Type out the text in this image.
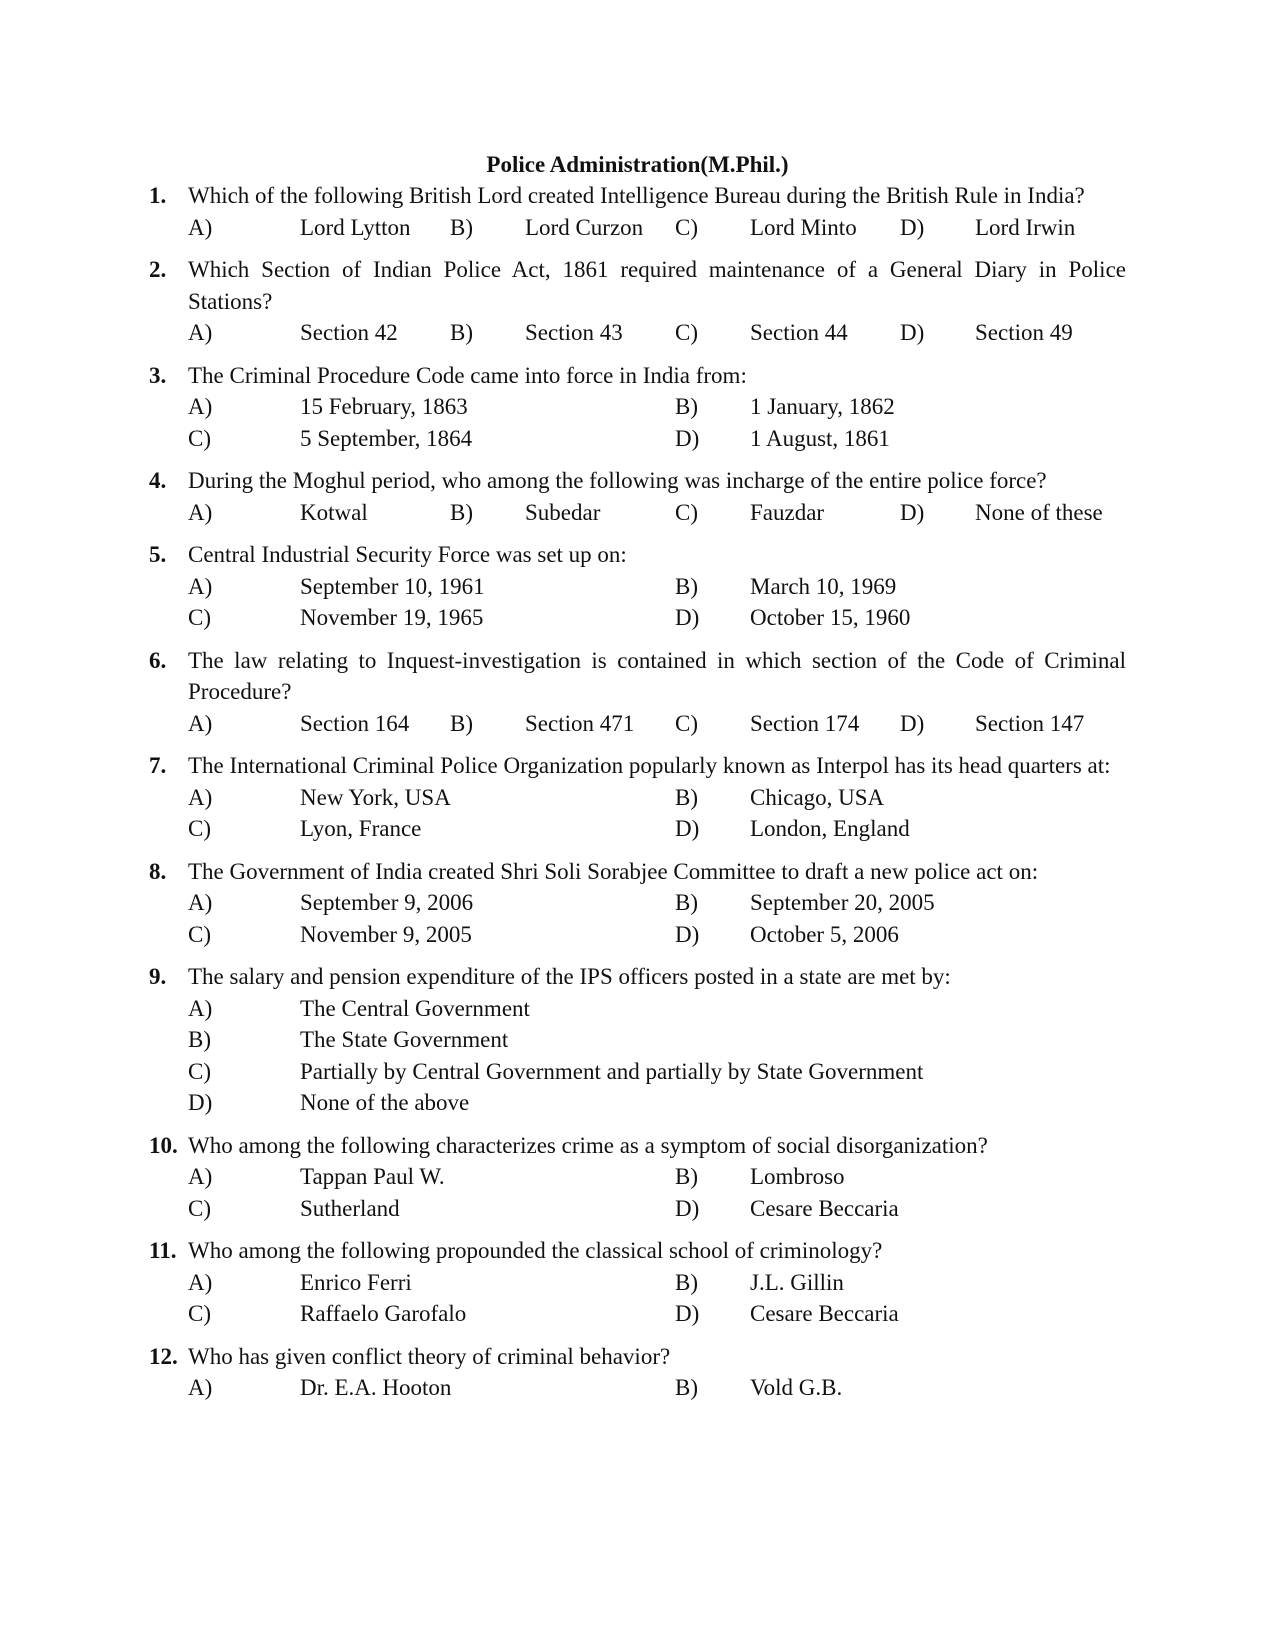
Police Administration(M.Phil.)
1. Which of the following British Lord created Intelligence Bureau during the British Rule in India?
A)	Lord Lytton B) Lord Curzon C) Lord Minto D) Lord Irwin
2. Which Section of Indian Police Act, 1861 required maintenance of a General Diary in Police Stations?
A)	Section 42 B) Section 43 C) Section 44 D) Section 49
3. The Criminal Procedure Code came into force in India from:
A)	15 February, 1863	B) 1 January, 1862
C)	5 September, 1864	D) 1 August, 1861
4. During the Moghul period, who among the following was incharge of the entire police force?
A)	Kotwal	B) Subedar	C) Fauzdar	D) None of these
5. Central Industrial Security Force was set up on:
A)	September 10, 1961	B) March 10, 1969
C)	November 19, 1965	D) October 15, 1960
6. The law relating to Inquest-investigation is contained in which section of the Code of Criminal Procedure?
A)	Section 164 B) Section 471 C) Section 174 D) Section 147
7. The International Criminal Police Organization popularly known as Interpol has its head quarters at:
A)	New York, USA	B) Chicago, USA
C)	Lyon, France	D) London, England
8. The Government of India created Shri Soli Sorabjee Committee to draft a new police act on:
A)	September 9, 2006	B) September 20, 2005
C)	November 9, 2005	D) October 5, 2006
9. The salary and pension expenditure of the IPS officers posted in a state are met by:
A)	The Central Government
B)	The State Government
C)	Partially by Central Government and partially by State Government
D)	None of the above
10. Who among the following characterizes crime as a symptom of social disorganization?
A)	Tappan Paul W.	B) Lombroso
C)	Sutherland	D) Cesare Beccaria
11. Who among the following propounded the classical school of criminology?
A)	Enrico Ferri	B) J.L. Gillin
C)	Raffaelo Garofalo	D) Cesare Beccaria
12. Who has given conflict theory of criminal behavior?
A)	Dr. E.A. Hooton	B) Vold G.B.
